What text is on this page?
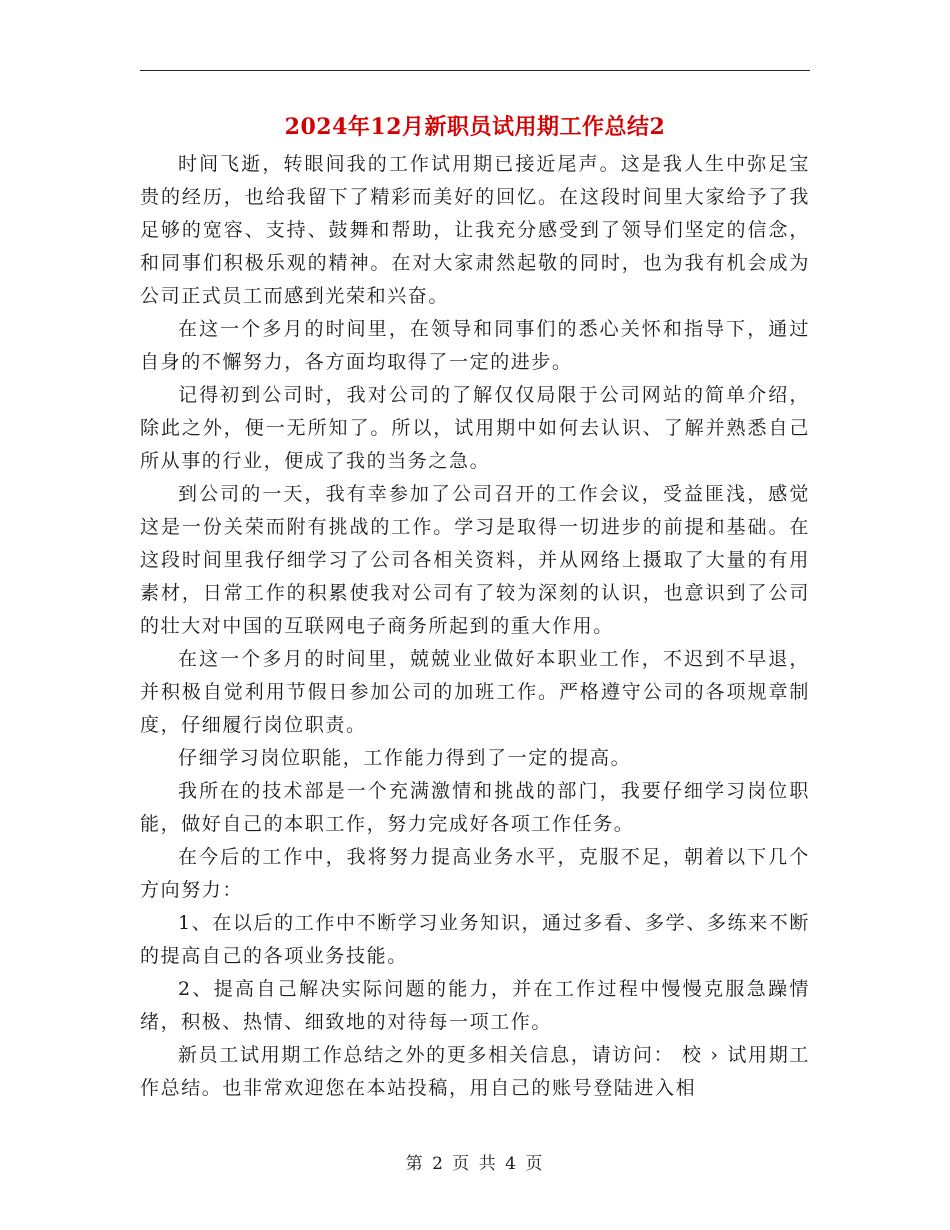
2024年12月新职员试用期工作总结2

时间飞逝，转眼间我的工作试用期已接近尾声。这是我人生中弥足宝贵的经历，也给我留下了精彩而美好的回忆。在这段时间里大家给予了我足够的宽容、支持、鼓舞和帮助，让我充分感受到了领导们坚定的信念，和同事们积极乐观的精神。在对大家肃然起敬的同时，也为我有机会成为公司正式员工而感到光荣和兴奋。

在这一个多月的时间里，在领导和同事们的悉心关怀和指导下，通过自身的不懈努力，各方面均取得了一定的进步。

记得初到公司时，我对公司的了解仅仅局限于公司网站的简单介绍，除此之外，便一无所知了。所以，试用期中如何去认识、了解并熟悉自己所从事的行业，便成了我的当务之急。

到公司的一天，我有幸参加了公司召开的工作会议，受益匪浅，感觉这是一份关荣而附有挑战的工作。学习是取得一切进步的前提和基础。在这段时间里我仔细学习了公司各相关资料，并从网络上摄取了大量的有用素材，日常工作的积累使我对公司有了较为深刻的认识，也意识到了公司的壮大对中国的互联网电子商务所起到的重大作用。

在这一个多月的时间里，兢兢业业做好本职业工作，不迟到不早退，并积极自觉利用节假日参加公司的加班工作。严格遵守公司的各项规章制度，仔细履行岗位职责。

仔细学习岗位职能，工作能力得到了一定的提高。

我所在的技术部是一个充满激情和挑战的部门，我要仔细学习岗位职能，做好自己的本职工作，努力完成好各项工作任务。

在今后的工作中，我将努力提高业务水平，克服不足，朝着以下几个方向努力：

1、在以后的工作中不断学习业务知识，通过多看、多学、多练来不断的提高自己的各项业务技能。

2、提高自己解决实际问题的能力，并在工作过程中慢慢克服急躁情绪，积极、热情、细致地的对待每一项工作。

新员工试用期工作总结之外的更多相关信息，请访问： 校 › 试用期工作总结。也非常欢迎您在本站投稿，用自己的账号登陆进入相

第 2 页 共 4 页
